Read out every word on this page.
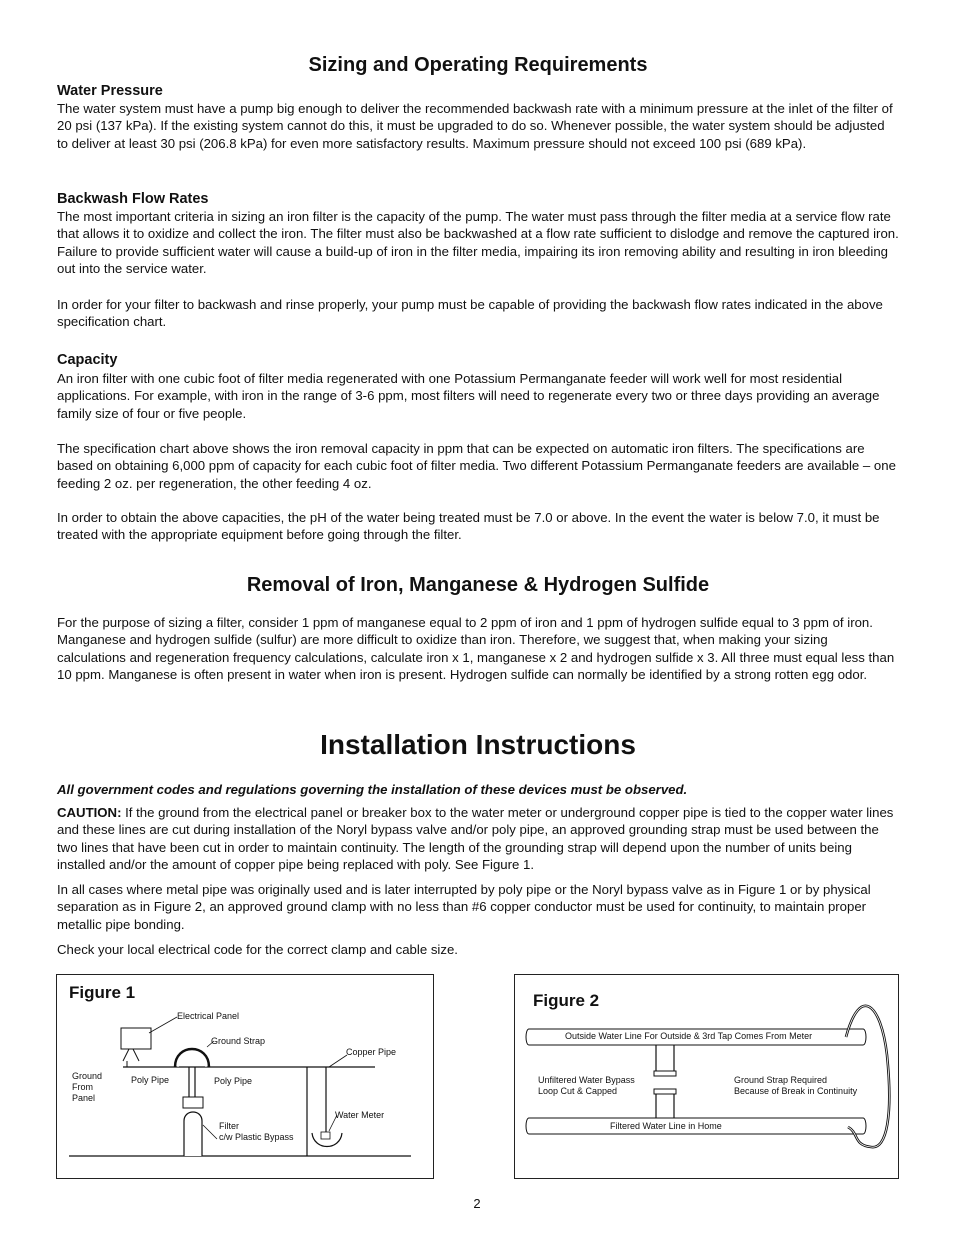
Sizing and Operating Requirements
Water Pressure

The water system must have a pump big enough to deliver the recommended backwash rate with a minimum pressure at the inlet of the filter of 20 psi (137 kPa). If the existing system cannot do this, it must be upgraded to do so. Whenever possible, the water system should be adjusted to deliver at least 30 psi (206.8 kPa) for even more satisfactory results. Maximum pressure should not exceed 100 psi (689 kPa).

Backwash Flow Rates

The most important criteria in sizing an iron filter is the capacity of the pump. The water must pass through the filter media at a service flow rate that allows it to oxidize and collect the iron. The filter must also be backwashed at a flow rate sufficient to dislodge and remove the captured iron. Failure to provide sufficient water will cause a build-up of iron in the filter media, impairing its iron removing ability and resulting in iron bleeding out into the service water.

In order for your filter to backwash and rinse properly, your pump must be capable of providing the backwash flow rates indicated in the above specification chart.

Capacity

An iron filter with one cubic foot of filter media regenerated with one Potassium Permanganate feeder will work well for most residential applications. For example, with iron in the range of 3-6 ppm, most filters will need to regenerate every two or three days providing an average family size of four or five people.

The specification chart above shows the iron removal capacity in ppm that can be expected on automatic iron filters. The specifications are based on obtaining 6,000 ppm of capacity for each cubic foot of filter media. Two different Potassium Permanganate feeders are available – one feeding 2 oz. per regeneration, the other feeding 4 oz.

In order to obtain the above capacities, the pH of the water being treated must be 7.0 or above. In the event the water is below 7.0, it must be treated with the appropriate equipment before going through the filter.

Removal of Iron, Manganese & Hydrogen Sulfide

For the purpose of sizing a filter, consider 1 ppm of manganese equal to 2 ppm of iron and 1 ppm of hydrogen sulfide equal to 3 ppm of iron. Manganese and hydrogen sulfide (sulfur) are more difficult to oxidize than iron. Therefore, we suggest that, when making your sizing calculations and regeneration frequency calculations, calculate iron x 1, manganese x 2 and hydrogen sulfide x 3. All three must equal less than 10 ppm. Manganese is often present in water when iron is present. Hydrogen sulfide can normally be identified by a strong rotten egg odor.

Installation Instructions

All government codes and regulations governing the installation of these devices must be observed.

CAUTION: If the ground from the electrical panel or breaker box to the water meter or underground copper pipe is tied to the copper water lines and these lines are cut during installation of the Noryl bypass valve and/or poly pipe, an approved grounding strap must be used between the two lines that have been cut in order to maintain continuity. The length of the grounding strap will depend upon the number of units being installed and/or the amount of copper pipe being replaced with poly. See Figure 1.

In all cases where metal pipe was originally used and is later interrupted by poly pipe or the Noryl bypass valve as in Figure 1 or by physical separation as in Figure 2, an approved ground clamp with no less than #6 copper conductor must be used for continuity, to maintain proper metallic pipe bonding.

Check your local electrical code for the correct clamp and cable size.

Figure 1
Electrical Panel
Ground Strap
Copper Pipe
Ground
From
Panel
Poly Pipe	Poly Pipe
Water Meter
Filter
c/w Plastic Bypass
Figure 2
Outside Water Line For Outside & 3rd Tap Comes From Meter
Unfiltered Water Bypass
Loop Cut & Capped
Ground Strap Required
Because of Break in Continuity
Filtered Water Line in Home
2
